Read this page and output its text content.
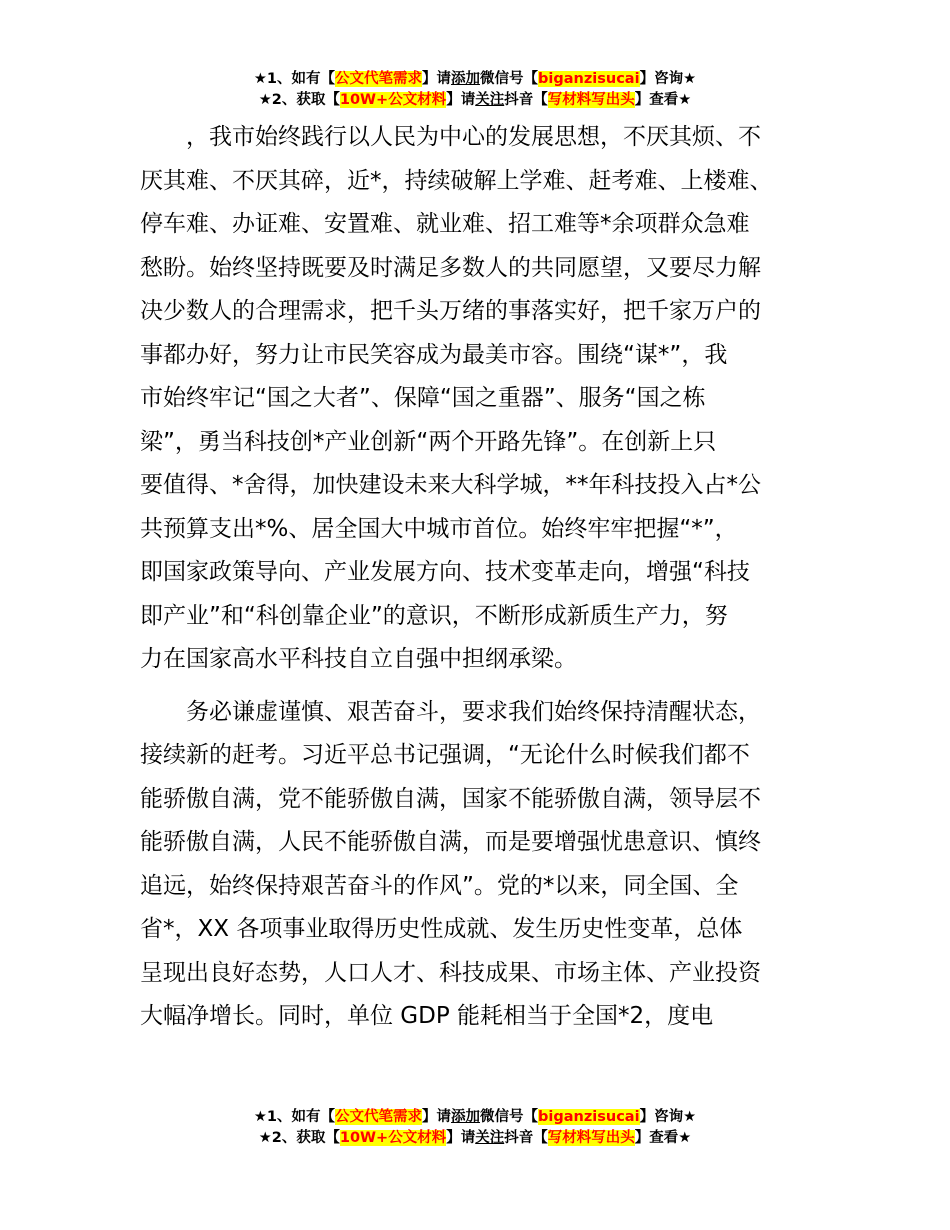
★1、如有【公文代笔需求】请添加微信号【biganzisucai】咨询★
★2、获取【10W+公文材料】请关注抖音【写材料写出头】查看★

，我市始终践行以人民为中心的发展思想，不厌其烦、不
厌其难、不厌其碎，近*，持续破解上学难、赶考难、上楼难、
停车难、办证难、安置难、就业难、招工难等*余项群众急难
愁盼。始终坚持既要及时满足多数人的共同愿望，又要尽力解
决少数人的合理需求，把千头万绪的事落实好，把千家万户的
事都办好，努力让市民笑容成为最美市容。围绕“谋*”，我
市始终牢记“国之大者”、保障“国之重器”、服务“国之栋
梁”，勇当科技创*产业创新“两个开路先锋”。在创新上只
要值得、*舍得，加快建设未来大科学城，**年科技投入占*公
共预算支出*%、居全国大中城市首位。始终牢牢把握“*”，
即国家政策导向、产业发展方向、技术变革走向，增强“科技
即产业”和“科创靠企业”的意识，不断形成新质生产力，努
力在国家高水平科技自立自强中担纲承梁。

务必谦虚谨慎、艰苦奋斗，要求我们始终保持清醒状态，
接续新的赶考。习近平总书记强调，“无论什么时候我们都不
能骄傲自满，党不能骄傲自满，国家不能骄傲自满，领导层不
能骄傲自满，人民不能骄傲自满，而是要增强忧患意识、慎终
追远，始终保持艰苦奋斗的作风”。党的*以来，同全国、全
省*，XX 各项事业取得历史性成就、发生历史性变革，总体
呈现出良好态势，人口人才、科技成果、市场主体、产业投资
大幅净增长。同时，单位 GDP 能耗相当于全国*2，度电

★1、如有【公文代笔需求】请添加微信号【biganzisucai】咨询★
★2、获取【10W+公文材料】请关注抖音【写材料写出头】查看★
